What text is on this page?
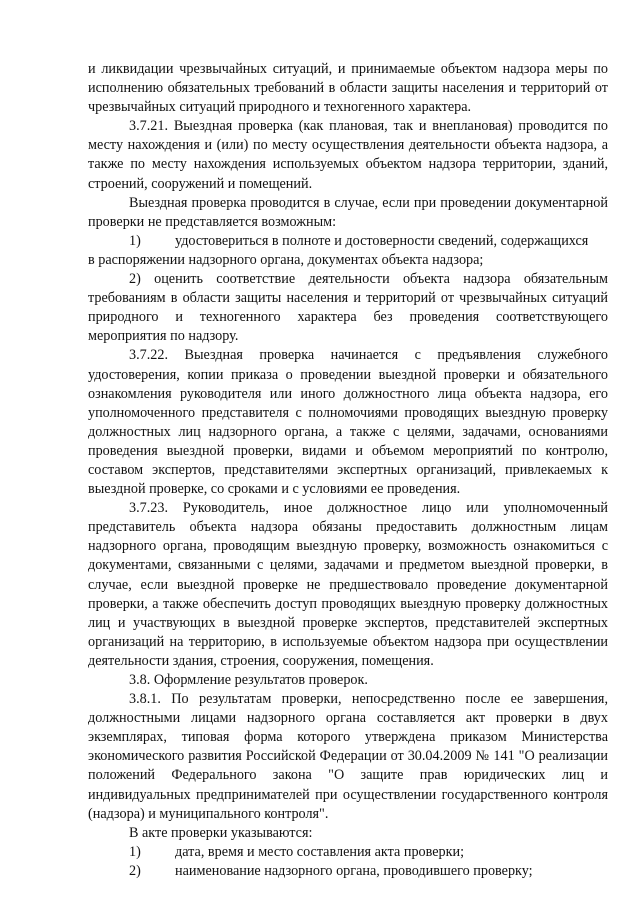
и ликвидации чрезвычайных ситуаций, и принимаемые объектом надзора меры по исполнению обязательных требований в области защиты населения и территорий от чрезвычайных ситуаций природного и техногенного характера.

3.7.21. Выездная проверка (как плановая, так и внеплановая) проводится по месту нахождения и (или) по месту осуществления деятельности объекта надзора, а также по месту нахождения используемых объектом надзора территории, зданий, строений, сооружений и помещений.

Выездная проверка проводится в случае, если при проведении документарной проверки не представляется возможным:

1)	удостовериться в полноте и достоверности сведений, содержащихся

в распоряжении надзорного органа, документах объекта надзора;

2) оценить соответствие деятельности объекта надзора обязательным требованиям в области защиты населения и территорий от чрезвычайных ситуаций природного и техногенного характера без проведения соответствующего мероприятия по надзору.

3.7.22. Выездная проверка начинается с предъявления служебного удостоверения, копии приказа о проведении выездной проверки и обязательного ознакомления руководителя или иного должностного лица объекта надзора, его уполномоченного представителя с полномочиями проводящих выездную проверку должностных лиц надзорного органа, а также с целями, задачами, основаниями проведения выездной проверки, видами и объемом мероприятий по контролю, составом экспертов, представителями экспертных организаций, привлекаемых к выездной проверке, со сроками и с условиями ее проведения.

3.7.23. Руководитель, иное должностное лицо или уполномоченный представитель объекта надзора обязаны предоставить должностным лицам надзорного органа, проводящим выездную проверку, возможность ознакомиться с документами, связанными с целями, задачами и предметом выездной проверки, в случае, если выездной проверке не предшествовало проведение документарной проверки, а также обеспечить доступ проводящих выездную проверку должностных лиц и участвующих в выездной проверке экспертов, представителей экспертных организаций на территорию, в используемые объектом надзора при осуществлении деятельности здания, строения, сооружения, помещения.

3.8. Оформление результатов проверок.

3.8.1. По результатам проверки, непосредственно после ее завершения, должностными лицами надзорного органа составляется акт проверки в двух экземплярах, типовая форма которого утверждена приказом Министерства экономического развития Российской Федерации от 30.04.2009 № 141 "О реализации положений Федерального закона "О защите прав юридических лиц и индивидуальных предпринимателей при осуществлении государственного контроля (надзора) и муниципального контроля".

В акте проверки указываются:

1)	дата, время и место составления акта проверки;
2)	наименование надзорного органа, проводившего проверку;
